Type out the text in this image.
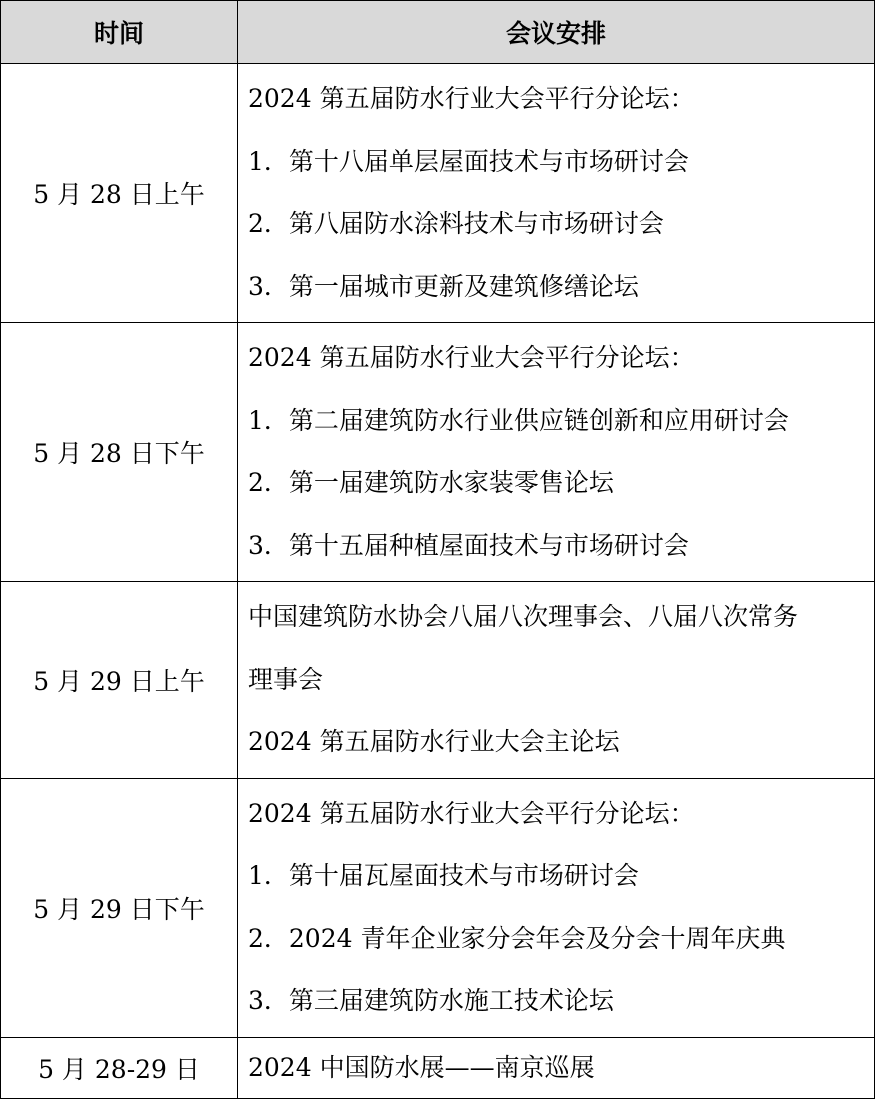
时间	会议安排
5 月 28 日上午	2024 第五届防水行业大会平行分论坛：
1．第十八届单层屋面技术与市场研讨会
2．第八届防水涂料技术与市场研讨会
3．第一届城市更新及建筑修缮论坛

5 月 28 日下午	2024 第五届防水行业大会平行分论坛：
1．第二届建筑防水行业供应链创新和应用研讨会
2．第一届建筑防水家装零售论坛
3．第十五届种植屋面技术与市场研讨会

5 月 29 日上午	中国建筑防水协会八届八次理事会、八届八次常务
理事会
2024 第五届防水行业大会主论坛

5 月 29 日下午	2024 第五届防水行业大会平行分论坛：
1．第十届瓦屋面技术与市场研讨会
2．2024 青年企业家分会年会及分会十周年庆典
3．第三届建筑防水施工技术论坛

5 月 28-29 日	2024 中国防水展——南京巡展
